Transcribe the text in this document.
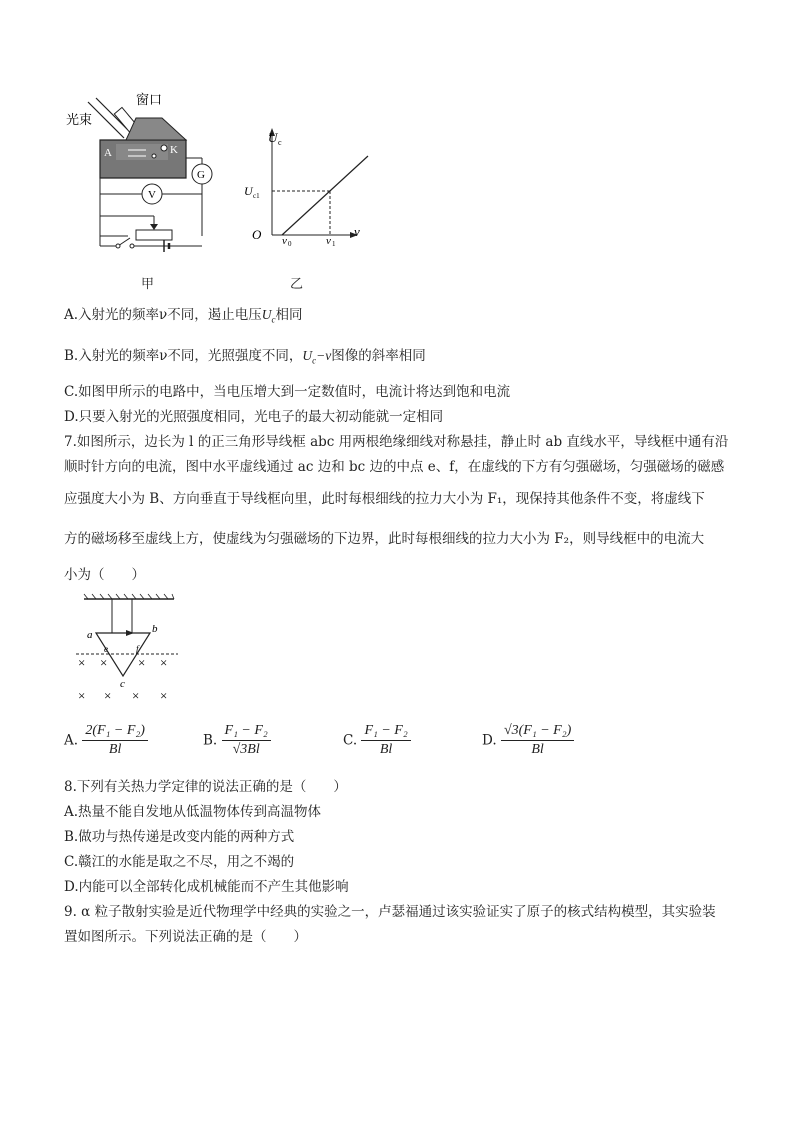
光束
窗口
A	K
G
V
甲
U c
O	ν
ν 0	ν 1
U c1
乙
A.入射光的频率ν不同，遏止电压$U_c$相同
B.入射光的频率ν不同，光照强度不同，$U_c-\nu$图像的斜率相同
C.如图甲所示的电路中，当电压增大到一定数值时，电流计将达到饱和电流
D.只要入射光的光照强度相同，光电子的最大初动能就一定相同
7.如图所示，边长为 l 的正三角形导线框 abc 用两根绝缘细线对称悬挂，静止时 ab 直线水平，导线框中通有沿
顺时针方向的电流，图中水平虚线通过 ac 边和 bc 边的中点 e、f，在虚线的下方有匀强磁场，匀强磁场的磁感
应强度大小为 B、方向垂直于导线框向里，此时每根细线的拉力大小为 F₁，现保持其他条件不变，将虚线下
方的磁场移至虚线上方，使虚线为匀强磁场的下边界，此时每根细线的拉力大小为 F₂，则导线框中的电流大
小为（　　）
a	b
c
e	f
× × × ×
× × × ×
A. $\frac{\text{2(F₁ − F₂)}}{Bl}$	B. $\frac{\text{F₁ − F₂}}{√3Bl}$	C. $\frac{\text{F₁ − F₂}}{Bl}$	D. $\frac{\text{√3(F₁ − F₂)}}{Bl}$
8.下列有关热力学定律的说法正确的是（　　）
A.热量不能自发地从低温物体传到高温物体
B.做功与热传递是改变内能的两种方式
C.赣江的水能是取之不尽，用之不竭的
D.内能可以全部转化成机械能而不产生其他影响
9. α 粒子散射实验是近代物理学中经典的实验之一，卢瑟福通过该实验证实了原子的核式结构模型，其实验装
置如图所示。下列说法正确的是（　　）
